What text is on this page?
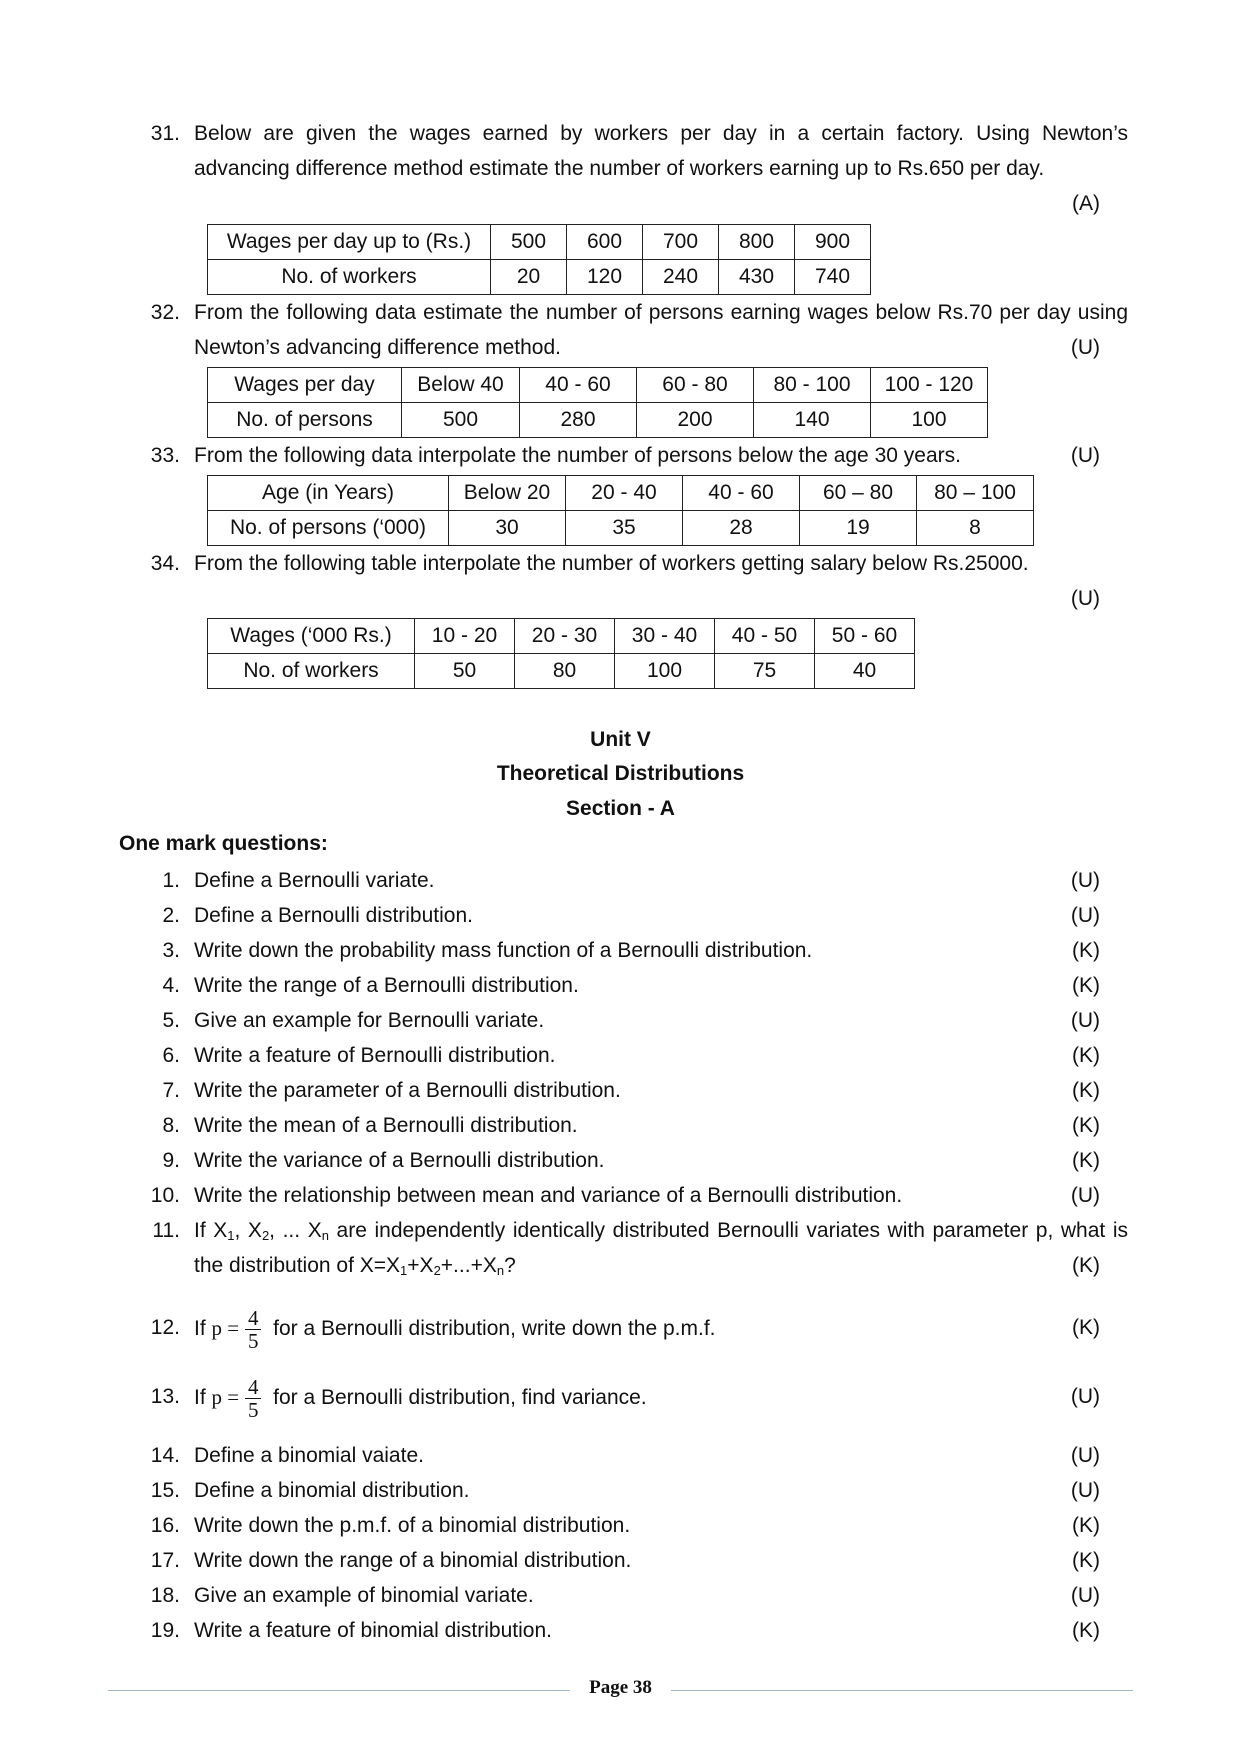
31. Below are given the wages earned by workers per day in a certain factory. Using Newton’s advancing difference method estimate the number of workers earning up to Rs.650 per day.
(A)
Wages per day up to (Rs.)	500	600	700	800	900
No. of workers	20	120	240	430	740
32. From the following data estimate the number of persons earning wages below Rs.70 per day using Newton’s advancing difference method.	(U)
Wages per day	Below 40	40 - 60	60 - 80	80 - 100	100 - 120
No. of persons	500	280	200	140	100
33. From the following data interpolate the number of persons below the age 30 years.	(U)
Age (in Years)	Below 20	20 - 40	40 - 60	60 – 80	80 – 100
No. of persons (‘000)	30	35	28	19	8
34. From the following table interpolate the number of workers getting salary below Rs.25000.
(U)
Wages (‘000 Rs.)	10 - 20	20 - 30	30 - 40	40 - 50	50 - 60
No. of workers	50	80	100	75	40
Unit V
Theoretical Distributions
Section - A
One mark questions:
1. Define a Bernoulli variate.	(U)
2. Define a Bernoulli distribution.	(U)
3. Write down the probability mass function of a Bernoulli distribution.	(K)
4. Write the range of a Bernoulli distribution.	(K)
5. Give an example for Bernoulli variate.	(U)
6. Write a feature of Bernoulli distribution.	(K)
7. Write the parameter of a Bernoulli distribution.	(K)
8. Write the mean of a Bernoulli distribution.	(K)
9. Write the variance of a Bernoulli distribution.	(K)
10. Write the relationship between mean and variance of a Bernoulli distribution.	(U)
11. If $X_1$, $X_2$, ... $X_n$ are independently identically distributed Bernoulli variates with parameter p, what is the distribution of $X=X_1+X_2+...+X_n$?	(K)
12. If $p = \frac{4}{5}$ for a Bernoulli distribution, write down the p.m.f.	(K)
13. If $p = \frac{4}{5}$ for a Bernoulli distribution, find variance.	(U)
14. Define a binomial vaiate.	(U)
15. Define a binomial distribution.	(U)
16. Write down the p.m.f. of a binomial distribution.	(K)
17. Write down the range of a binomial distribution.	(K)
18. Give an example of binomial variate.	(U)
19. Write a feature of binomial distribution.	(K)
Page 38
